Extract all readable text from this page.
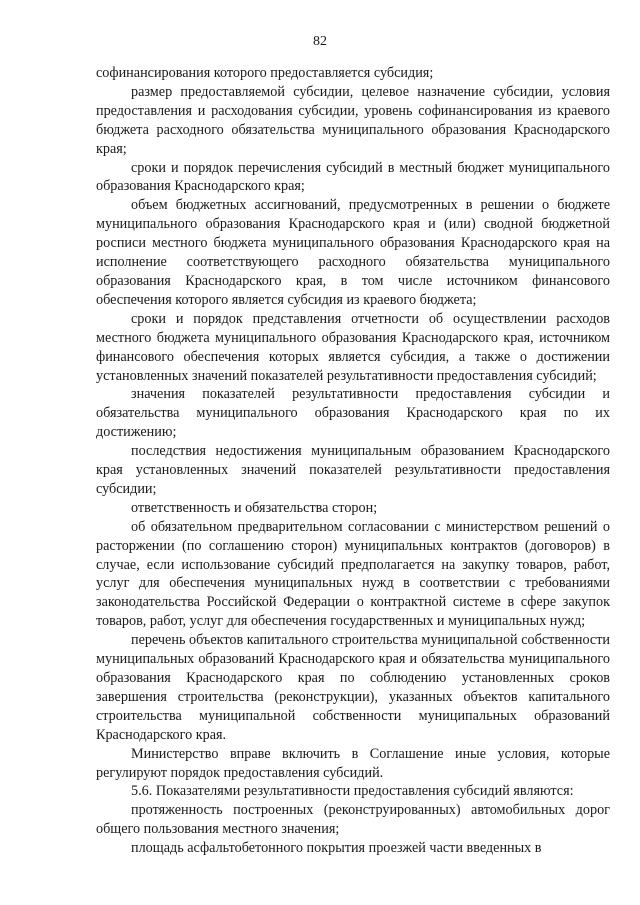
82

софинансирования которого предоставляется субсидия;

размер предоставляемой субсидии, целевое назначение субсидии, условия предоставления и расходования субсидии, уровень софинансирования из краевого бюджета расходного обязательства муниципального образования Краснодарского края;

сроки и порядок перечисления субсидий в местный бюджет муниципального образования Краснодарского края;

объем бюджетных ассигнований, предусмотренных в решении о бюджете муниципального образования Краснодарского края и (или) сводной бюджетной росписи местного бюджета муниципального образования Краснодарского края на исполнение соответствующего расходного обязательства муниципального образования Краснодарского края, в том числе источником финансового обеспечения которого является субсидия из краевого бюджета;

сроки и порядок представления отчетности об осуществлении расходов местного бюджета муниципального образования Краснодарского края, источником финансового обеспечения которых является субсидия, а также о достижении установленных значений показателей результативности предоставления субсидий;

значения показателей результативности предоставления субсидии и обязательства муниципального образования Краснодарского края по их достижению;

последствия недостижения муниципальным образованием Краснодарского края установленных значений показателей результативности предоставления субсидии;

ответственность и обязательства сторон;

об обязательном предварительном согласовании с министерством решений о расторжении (по соглашению сторон) муниципальных контрактов (договоров) в случае, если использование субсидий предполагается на закупку товаров, работ, услуг для обеспечения муниципальных нужд в соответствии с требованиями законодательства Российской Федерации о контрактной системе в сфере закупок товаров, работ, услуг для обеспечения государственных и муниципальных нужд;

перечень объектов капитального строительства муниципальной собственности муниципальных образований Краснодарского края и обязательства муниципального образования Краснодарского края по соблюдению установленных сроков завершения строительства (реконструкции), указанных объектов капитального строительства муниципальной собственности муниципальных образований Краснодарского края.

Министерство вправе включить в Соглашение иные условия, которые регулируют порядок предоставления субсидий.

5.6. Показателями результативности предоставления субсидий являются:

протяженность построенных (реконструированных) автомобильных дорог общего пользования местного значения;

площадь асфальтобетонного покрытия проезжей части введенных в
